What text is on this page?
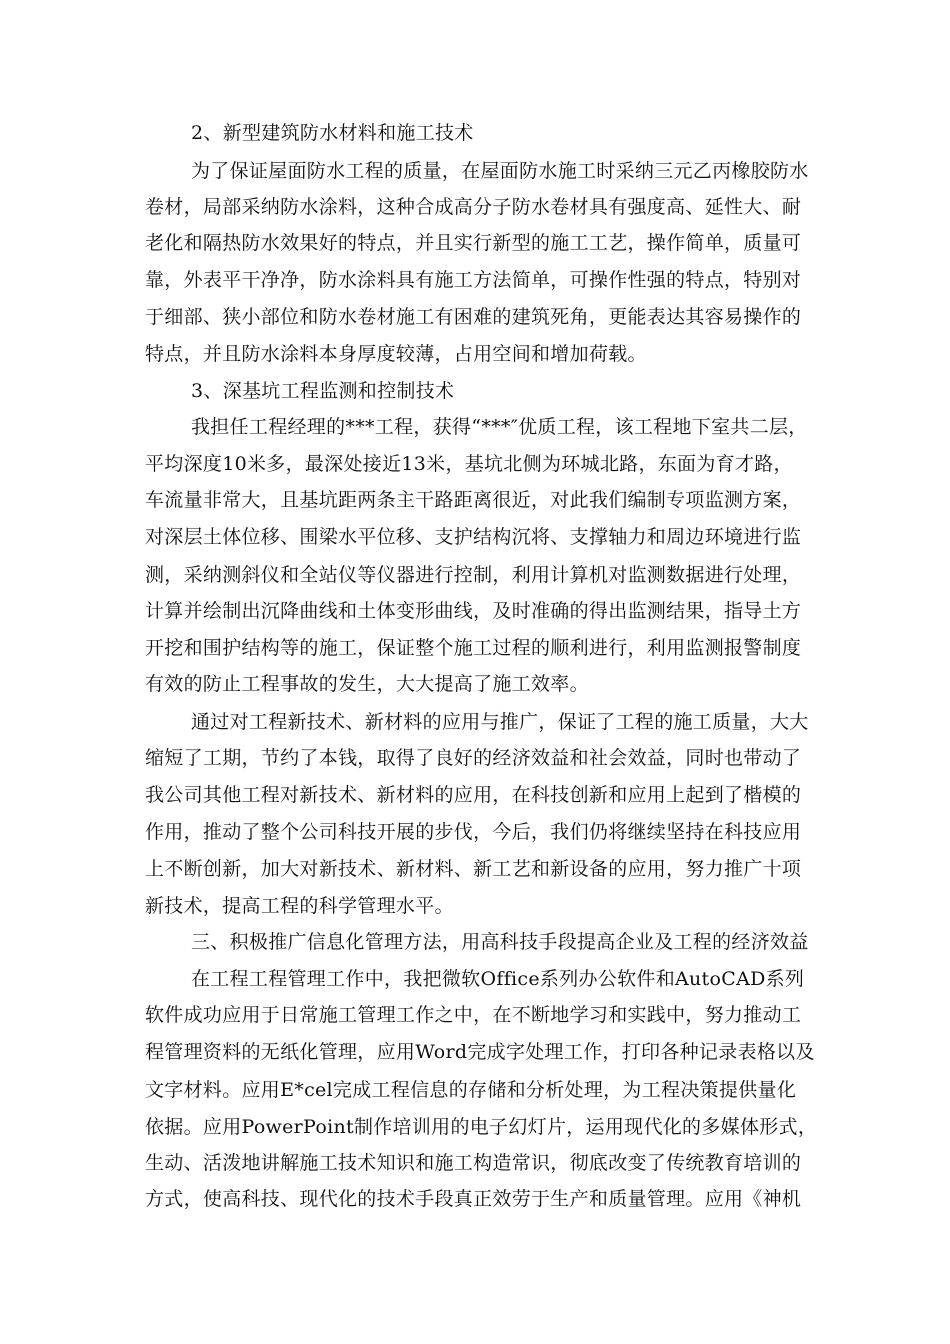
2、新型建筑防水材料和施工技术
为了保证屋面防水工程的质量，在屋面防水施工时采纳三元乙丙橡胶防水
卷材，局部采纳防水涂料，这种合成高分子防水卷材具有强度高、延性大、耐
老化和隔热防水效果好的特点，并且实行新型的施工工艺，操作简单，质量可
靠，外表平干净净，防水涂料具有施工方法简单，可操作性强的特点，特别对
于细部、狭小部位和防水卷材施工有困难的建筑死角，更能表达其容易操作的
特点，并且防水涂料本身厚度较薄，占用空间和增加荷载。
3、深基坑工程监测和控制技术
我担任工程经理的***工程，获得“***″优质工程，该工程地下室共二层，
平均深度10米多，最深处接近13米，基坑北侧为环城北路，东面为育才路，
车流量非常大，且基坑距两条主干路距离很近，对此我们编制专项监测方案，
对深层土体位移、围梁水平位移、支护结构沉将、支撑轴力和周边环境进行监
测，采纳测斜仪和全站仪等仪器进行控制，利用计算机对监测数据进行处理，
计算并绘制出沉降曲线和土体变形曲线，及时准确的得出监测结果，指导土方
开挖和围护结构等的施工，保证整个施工过程的顺利进行，利用监测报警制度
有效的防止工程事故的发生，大大提高了施工效率。
通过对工程新技术、新材料的应用与推广，保证了工程的施工质量，大大
缩短了工期，节约了本钱，取得了良好的经济效益和社会效益，同时也带动了
我公司其他工程对新技术、新材料的应用，在科技创新和应用上起到了楷模的
作用，推动了整个公司科技开展的步伐，今后，我们仍将继续坚持在科技应用
上不断创新，加大对新技术、新材料、新工艺和新设备的应用，努力推广十项
新技术，提高工程的科学管理水平。
三、积极推广信息化管理方法，用高科技手段提高企业及工程的经济效益
在工程工程管理工作中，我把微软Office系列办公软件和AutoCAD系列
软件成功应用于日常施工管理工作之中，在不断地学习和实践中，努力推动工
程管理资料的无纸化管理，应用Word完成字处理工作，打印各种记录表格以及
文字材料。应用E*cel完成工程信息的存储和分析处理，为工程决策提供量化
依据。应用PowerPoint制作培训用的电子幻灯片，运用现代化的多媒体形式，
生动、活泼地讲解施工技术知识和施工构造常识，彻底改变了传统教育培训的
方式，使高科技、现代化的技术手段真正效劳于生产和质量管理。应用《神机
